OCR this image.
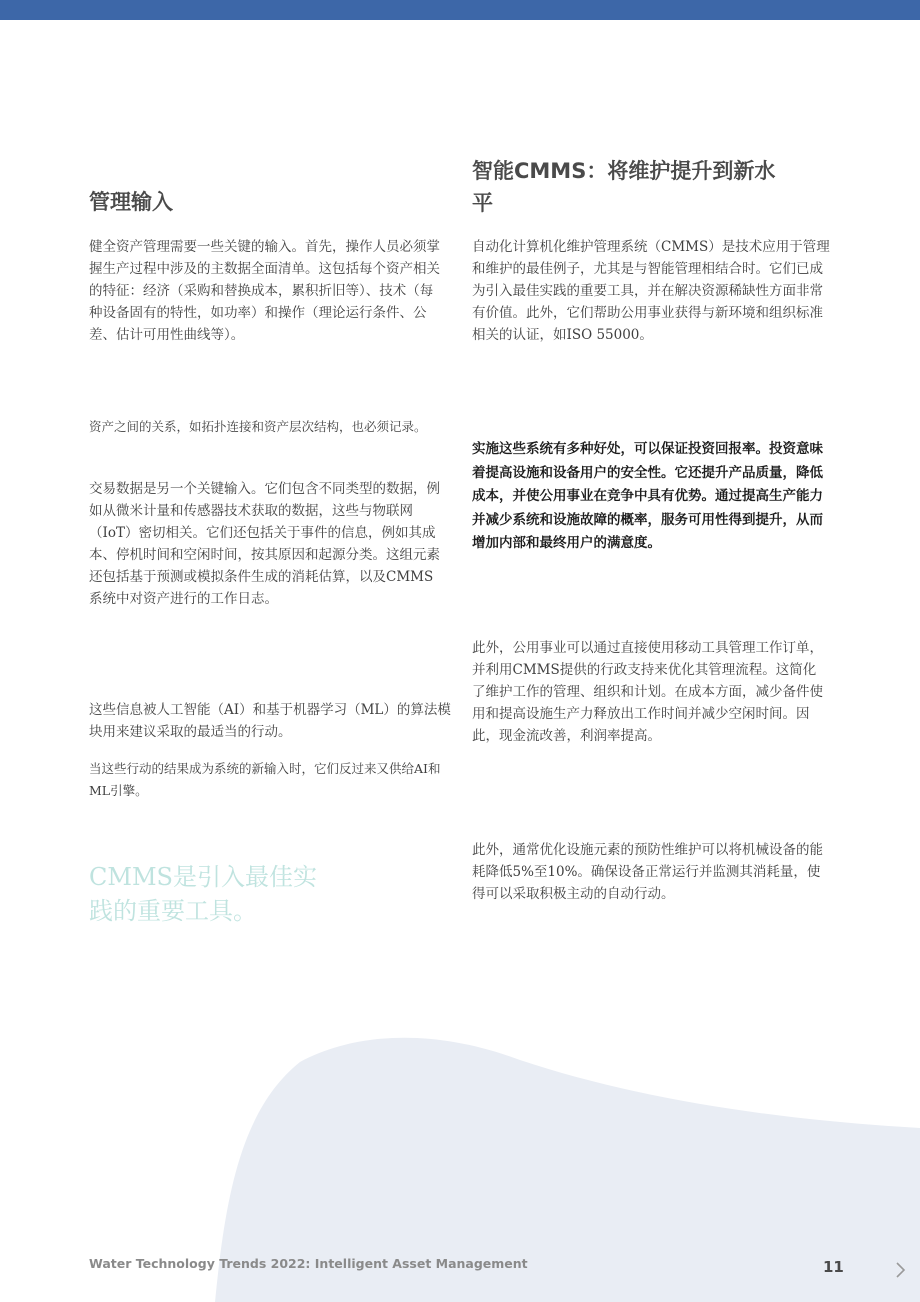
管理输入

健全资产管理需要一些关键的输入。首先，操作人员必须掌握生产过程中涉及的主数据全面清单。这包括每个资产相关的特征：经济（采购和替换成本，累积折旧等）、技术（每种设备固有的特性，如功率）和操作（理论运行条件、公差、估计可用性曲线等）。

资产之间的关系，如拓扑连接和资产层次结构，也必须记录。

交易数据是另一个关键输入。它们包含不同类型的数据，例如从微米计量和传感器技术获取的数据，这些与物联网（IoT）密切相关。它们还包括关于事件的信息，例如其成本、停机时间和空闲时间，按其原因和起源分类。这组元素还包括基于预测或模拟条件生成的消耗估算，以及CMMS系统中对资产进行的工作日志。

这些信息被人工智能（AI）和基于机器学习（ML）的算法模块用来建议采取的最适当的行动。

当这些行动的结果成为系统的新输入时，它们反过来又供给AI和ML引擎。

CMMS是引入最佳实践的重要工具。

智能CMMS：将维护提升到新水平

自动化计算机化维护管理系统（CMMS）是技术应用于管理和维护的最佳例子，尤其是与智能管理相结合时。它们已成为引入最佳实践的重要工具，并在解决资源稀缺性方面非常有价值。此外，它们帮助公用事业获得与新环境和组织标准相关的认证，如ISO 55000。

实施这些系统有多种好处，可以保证投资回报率。投资意味着提高设施和设备用户的安全性。它还提升产品质量，降低成本，并使公用事业在竞争中具有优势。通过提高生产能力并减少系统和设施故障的概率，服务可用性得到提升，从而增加内部和最终用户的满意度。

此外，公用事业可以通过直接使用移动工具管理工作订单，并利用CMMS提供的行政支持来优化其管理流程。这简化了维护工作的管理、组织和计划。在成本方面，减少备件使用和提高设施生产力释放出工作时间并减少空闲时间。因此，现金流改善，利润率提高。

此外，通常优化设施元素的预防性维护可以将机械设备的能耗降低5%至10%。确保设备正常运行并监测其消耗量，使得可以采取积极主动的自动行动。

Water Technology Trends 2022: Intelligent Asset Management	11
